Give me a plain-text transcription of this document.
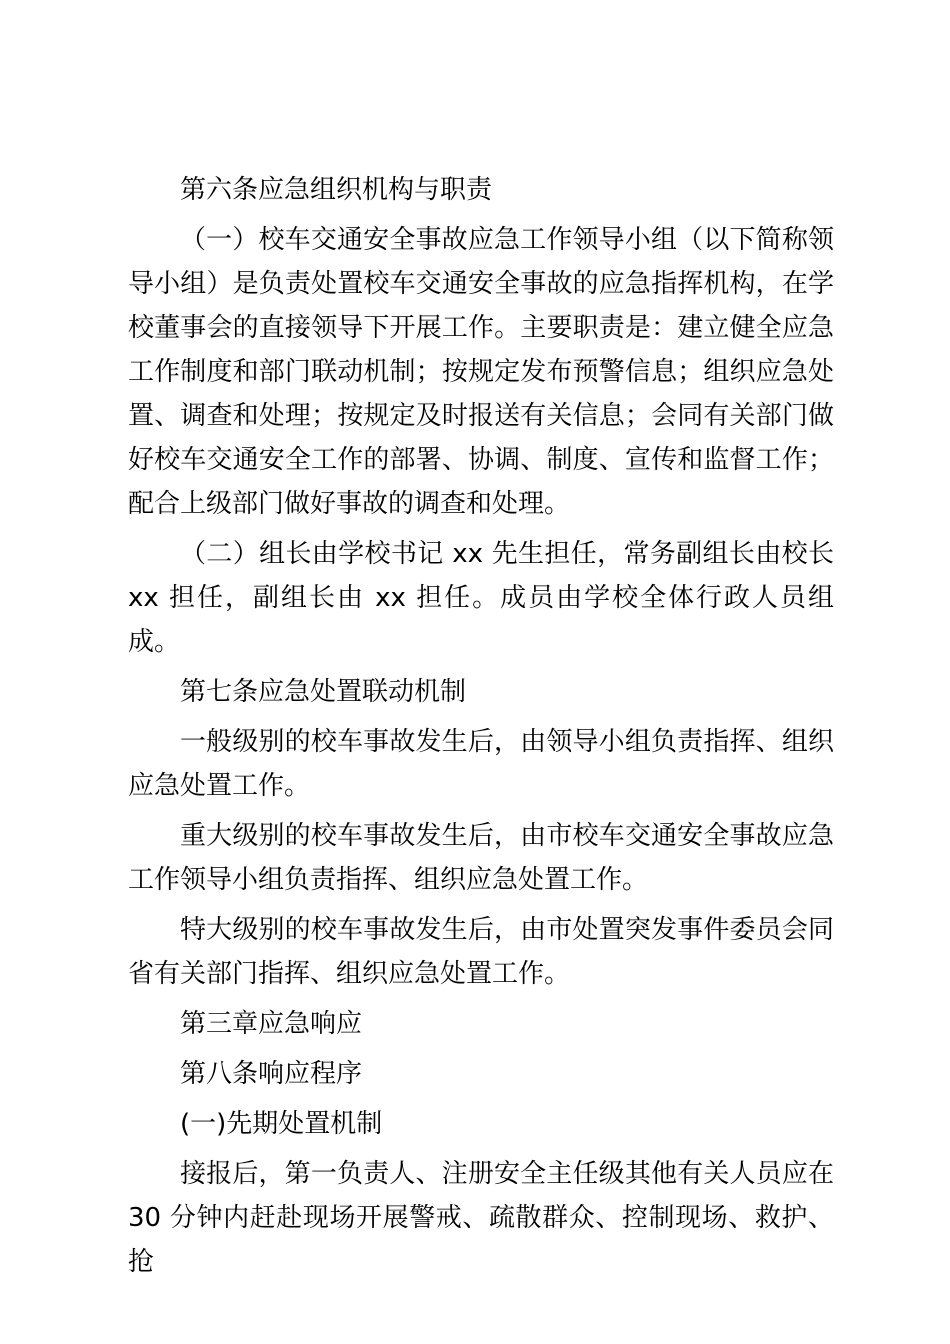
第六条应急组织机构与职责

（一）校车交通安全事故应急工作领导小组（以下简称领导小组）是负责处置校车交通安全事故的应急指挥机构，在学校董事会的直接领导下开展工作。主要职责是：建立健全应急工作制度和部门联动机制；按规定发布预警信息；组织应急处置、调查和处理；按规定及时报送有关信息；会同有关部门做好校车交通安全工作的部署、协调、制度、宣传和监督工作；配合上级部门做好事故的调查和处理。

（二）组长由学校书记 xx 先生担任，常务副组长由校长 xx 担任，副组长由 xx 担任。成员由学校全体行政人员组成。

第七条应急处置联动机制

一般级别的校车事故发生后，由领导小组负责指挥、组织应急处置工作。

重大级别的校车事故发生后，由市校车交通安全事故应急工作领导小组负责指挥、组织应急处置工作。

特大级别的校车事故发生后，由市处置突发事件委员会同省有关部门指挥、组织应急处置工作。

第三章应急响应

第八条响应程序

(一)先期处置机制

接报后，第一负责人、注册安全主任级其他有关人员应在30 分钟内赶赴现场开展警戒、疏散群众、控制现场、救护、抢
